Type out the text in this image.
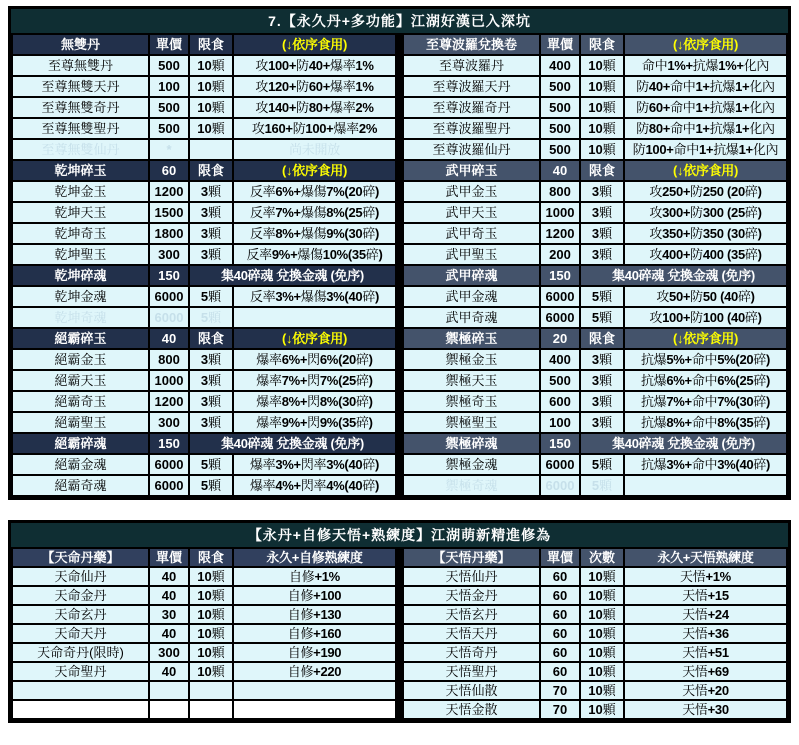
7.【永久丹+多功能】江湖好漢已入深坑
無雙丹	單價	限食	(↓依序食用)
至尊無雙丹	500	10顆	攻100+防40+爆率1%
至尊無雙天丹	100	10顆	攻120+防60+爆率1%
至尊無雙奇丹	500	10顆	攻140+防80+爆率2%
至尊無雙聖丹	500	10顆	攻160+防100+爆率2%
至尊無雙仙丹	*		尚未開放
乾坤碎玉	60	限食	(↓依序食用)
乾坤金玉	1200	3顆	反率6%+爆傷7%(20碎)
乾坤天玉	1500	3顆	反率7%+爆傷8%(25碎)
乾坤奇玉	1800	3顆	反率8%+爆傷9%(30碎)
乾坤聖玉	300	3顆	反率9%+爆傷10%(35碎)
乾坤碎魂	150	集40碎魂 兌換金魂 (免序)	
乾坤金魂	6000	5顆	反率3%+爆傷3%(40碎)
乾坤奇魂	6000	5顆	
絕霸碎玉	40	限食	(↓依序食用)
絕霸金玉	800	3顆	爆率6%+閃6%(20碎)
絕霸天玉	1000	3顆	爆率7%+閃7%(25碎)
絕霸奇玉	1200	3顆	爆率8%+閃8%(30碎)
絕霸聖玉	300	3顆	爆率9%+閃9%(35碎)
絕霸碎魂	150	集40碎魂 兌換金魂 (免序)	
絕霸金魂	6000	5顆	爆率3%+閃率3%(40碎)
絕霸奇魂	6000	5顆	爆率4%+閃率4%(40碎)
至尊波羅兌換卷	單價	限食	(↓依序食用)
至尊波羅丹	400	10顆	命中1%+抗爆1%+化內
至尊波羅天丹	500	10顆	防40+命中1+抗爆1+化內
至尊波羅奇丹	500	10顆	防60+命中1+抗爆1+化內
至尊波羅聖丹	500	10顆	防80+命中1+抗爆1+化內
至尊波羅仙丹	500	10顆	防100+命中1+抗爆1+化內
武甲碎玉	40	限食	(↓依序食用)
武甲金玉	800	3顆	攻250+防250 (20碎)
武甲天玉	1000	3顆	攻300+防300 (25碎)
武甲奇玉	1200	3顆	攻350+防350 (30碎)
武甲聖玉	200	3顆	攻400+防400 (35碎)
武甲碎魂	150	集40碎魂 兌換金魂 (免序)	
武甲金魂	6000	5顆	攻50+防50 (40碎)
武甲奇魂	6000	5顆	攻100+防100 (40碎)
禦極碎玉	20	限食	(↓依序食用)
禦極金玉	400	3顆	抗爆5%+命中5%(20碎)
禦極天玉	500	3顆	抗爆6%+命中6%(25碎)
禦極奇玉	600	3顆	抗爆7%+命中7%(30碎)
禦極聖玉	100	3顆	抗爆8%+命中8%(35碎)
禦極碎魂	150	集40碎魂 兌換金魂 (免序)	
禦極金魂	6000	5顆	抗爆3%+命中3%(40碎)
禦極奇魂	6000	5顆	
【永丹+自修天悟+熟練度】江湖萌新精進修為
【天命丹藥】	單價	限食	永久+自修熟練度
天命仙丹	40	10顆	自修+1%
天命金丹	40	10顆	自修+100
天命玄丹	30	10顆	自修+130
天命天丹	40	10顆	自修+160
天命奇丹(限時)	300	10顆	自修+190
天命聖丹	40	10顆	自修+220

【天悟丹藥】	單價	次數	永久+天悟熟練度
天悟仙丹	60	10顆	天悟+1%
天悟金丹	60	10顆	天悟+15
天悟玄丹	60	10顆	天悟+24
天悟天丹	60	10顆	天悟+36
天悟奇丹	60	10顆	天悟+51
天悟聖丹	60	10顆	天悟+69
天悟仙散	70	10顆	天悟+20
天悟金散	70	10顆	天悟+30
